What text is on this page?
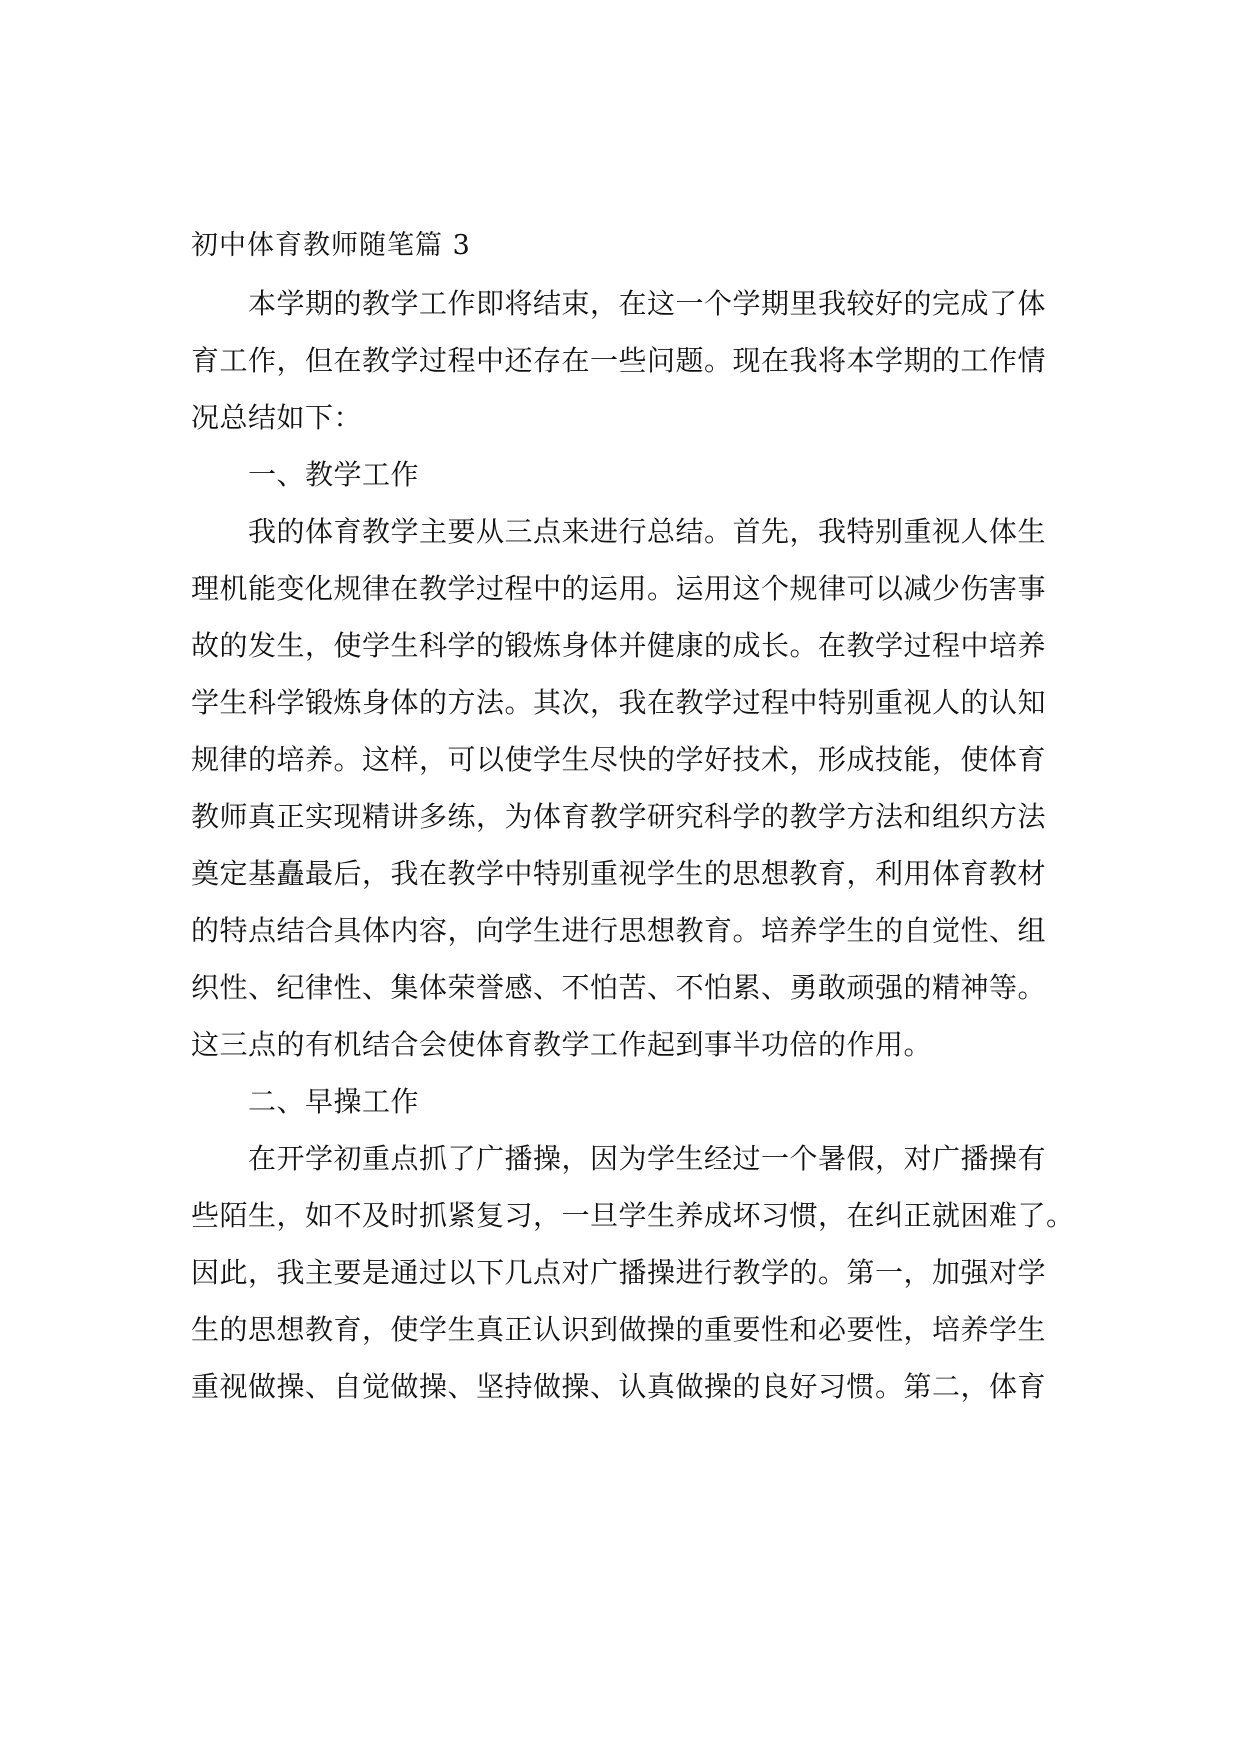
初中体育教师随笔篇 3
　　本学期的教学工作即将结束，在这一个学期里我较好的完成了体
育工作，但在教学过程中还存在一些问题。现在我将本学期的工作情
况总结如下：
　　一、教学工作
　　我的体育教学主要从三点来进行总结。首先，我特别重视人体生
理机能变化规律在教学过程中的运用。运用这个规律可以减少伤害事
故的发生，使学生科学的锻炼身体并健康的成长。在教学过程中培养
学生科学锻炼身体的方法。其次，我在教学过程中特别重视人的认知
规律的培养。这样，可以使学生尽快的学好技术，形成技能，使体育
教师真正实现精讲多练，为体育教学研究科学的教学方法和组织方法
奠定基矗最后，我在教学中特别重视学生的思想教育，利用体育教材
的特点结合具体内容，向学生进行思想教育。培养学生的自觉性、组
织性、纪律性、集体荣誉感、不怕苦、不怕累、勇敢顽强的精神等。
这三点的有机结合会使体育教学工作起到事半功倍的作用。
　　二、早操工作
　　在开学初重点抓了广播操，因为学生经过一个暑假，对广播操有
些陌生，如不及时抓紧复习，一旦学生养成坏习惯，在纠正就困难了。
因此，我主要是通过以下几点对广播操进行教学的。第一，加强对学
生的思想教育，使学生真正认识到做操的重要性和必要性，培养学生
重视做操、自觉做操、坚持做操、认真做操的良好习惯。第二，体育
